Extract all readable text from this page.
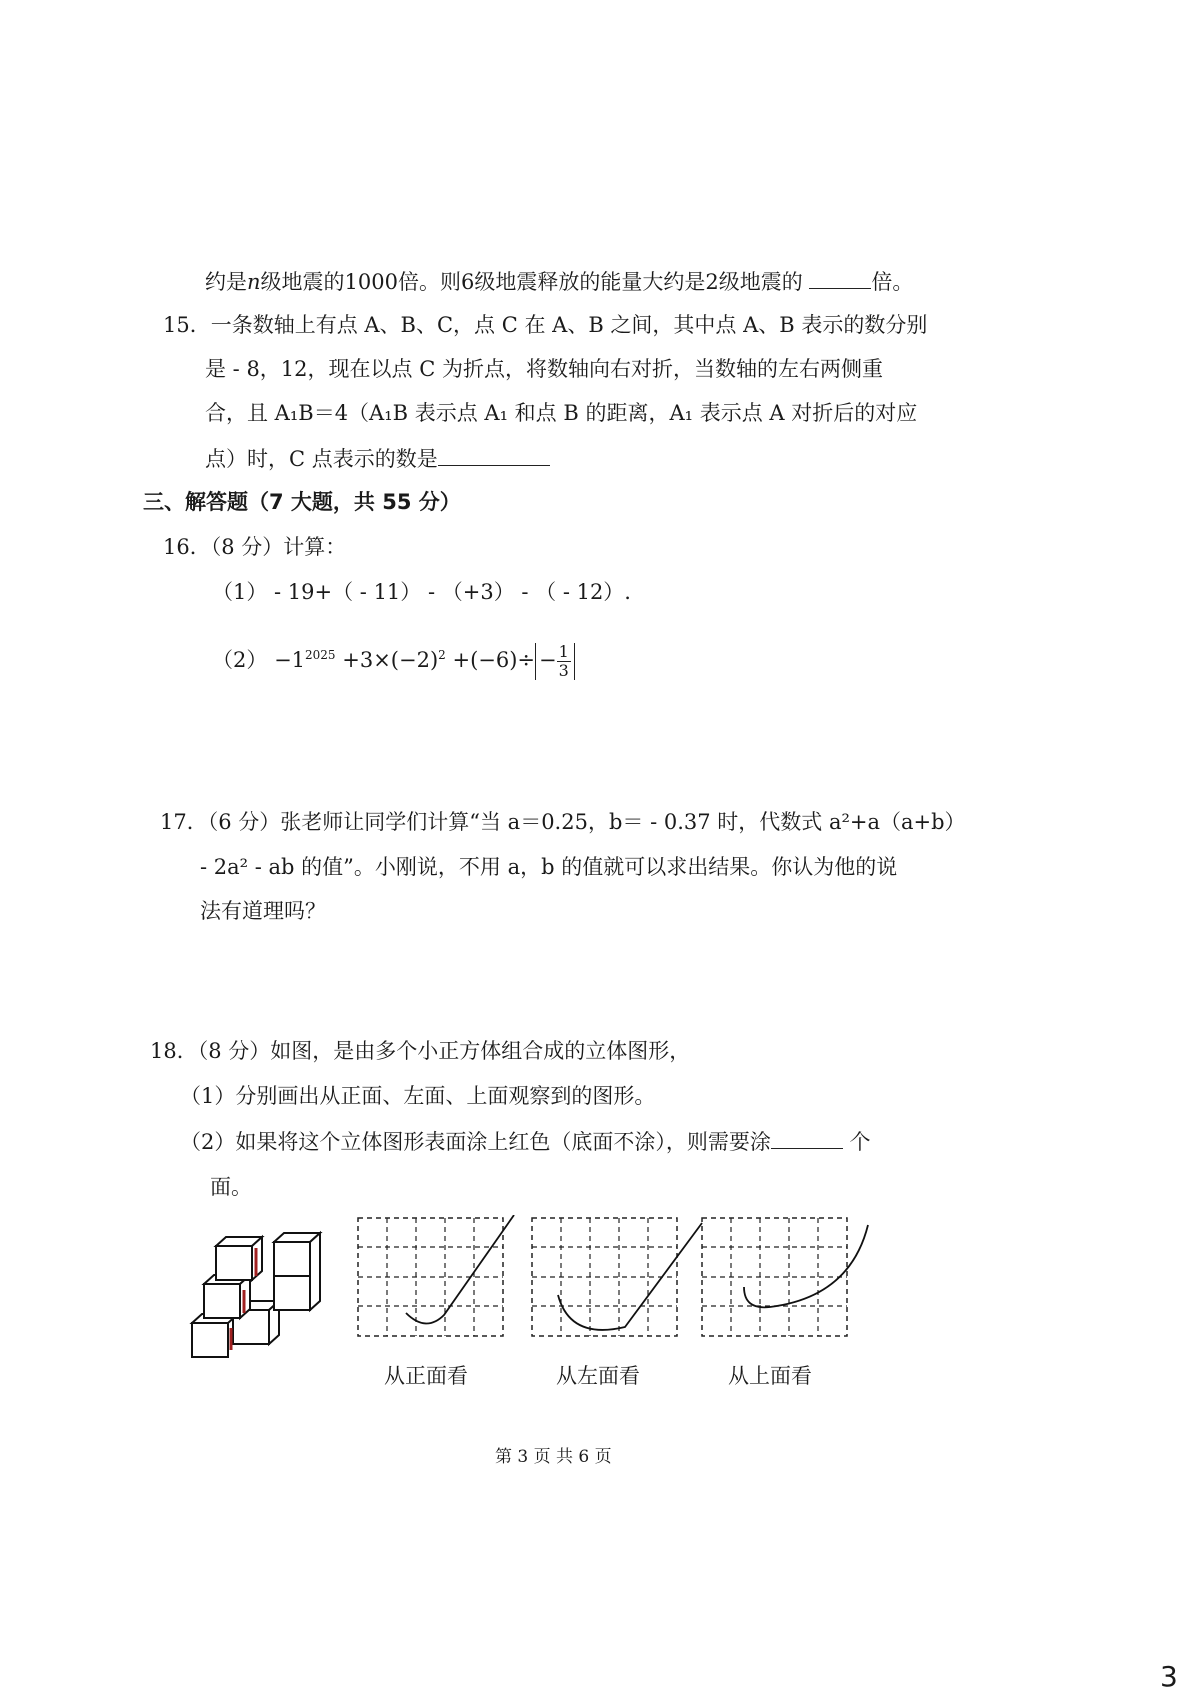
约是n级地震的1000倍。则6级地震释放的能量大约是2级地震的	倍。
15．一条数轴上有点 A、B、C，点 C 在 A、B 之间，其中点 A、B 表示的数分别
是 - 8，12，现在以点 C 为折点，将数轴向右对折，当数轴的左右两侧重
合，且 A₁B＝4（A₁B 表示点 A₁ 和点 B 的距离，A₁ 表示点 A 对折后的对应
点）时，C 点表示的数是
三、解答题（7 大题，共 55 分）
16．（8 分）计算：
（1） - 19+（ - 11） - （+3） - （ - 12）.
$(2) -1^{2025} +3\times(-2)^2 +(-6)\div - \frac{1}{3}$
17．（6 分）张老师让同学们计算“当 a＝0.25，b＝ - 0.37 时，代数式 a²+a（a+b）
- 2a² - ab 的值”。小刚说，不用 a，b 的值就可以求出结果。你认为他的说
法有道理吗？
18．（8 分）如图，是由多个小正方体组合成的立体图形，
（1）分别画出从正面、左面、上面观察到的图形。
（2）如果将这个立体图形表面涂上红色（底面不涂），则需要涂	个
面。
从正面看	从左面看	从上面看
第 3 页 共 6 页
3
